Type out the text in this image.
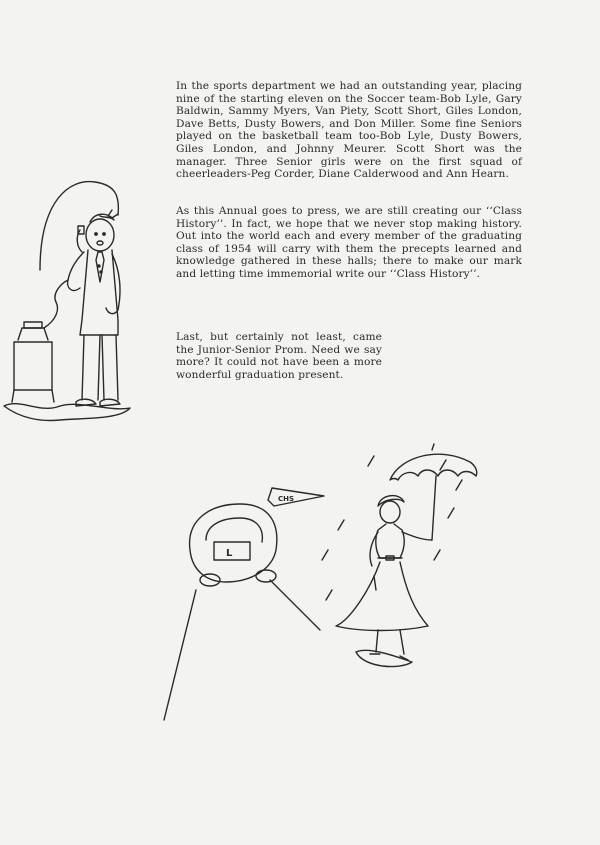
In the sports department we had an outstanding year, placing nine of the starting eleven on the Soccer team-Bob Lyle, Gary Baldwin, Sammy Myers, Van Piety, Scott Short, Giles London, Dave Betts, Dusty Bowers, and Don Miller. Some fine Seniors played on the basketball team too-Bob Lyle, Dusty Bowers, Giles London, and Johnny Meurer. Scott Short was the manager. Three Senior girls were on the first squad of cheerleaders-Peg Corder, Diane Calderwood and Ann Hearn.

As this Annual goes to press, we are still creating our ‘‘Class History’’. In fact, we hope that we never stop making history. Out into the world each and every member of the graduating class of 1954 will carry with them the precepts learned and knowledge gathered in these halls; there to make our mark and letting time immemorial write our ‘‘Class History’’.

Last, but certainly not least, came the Junior-Senior Prom. Need we say more? It could not have been a more wonderful graduation present.

CHS
L
